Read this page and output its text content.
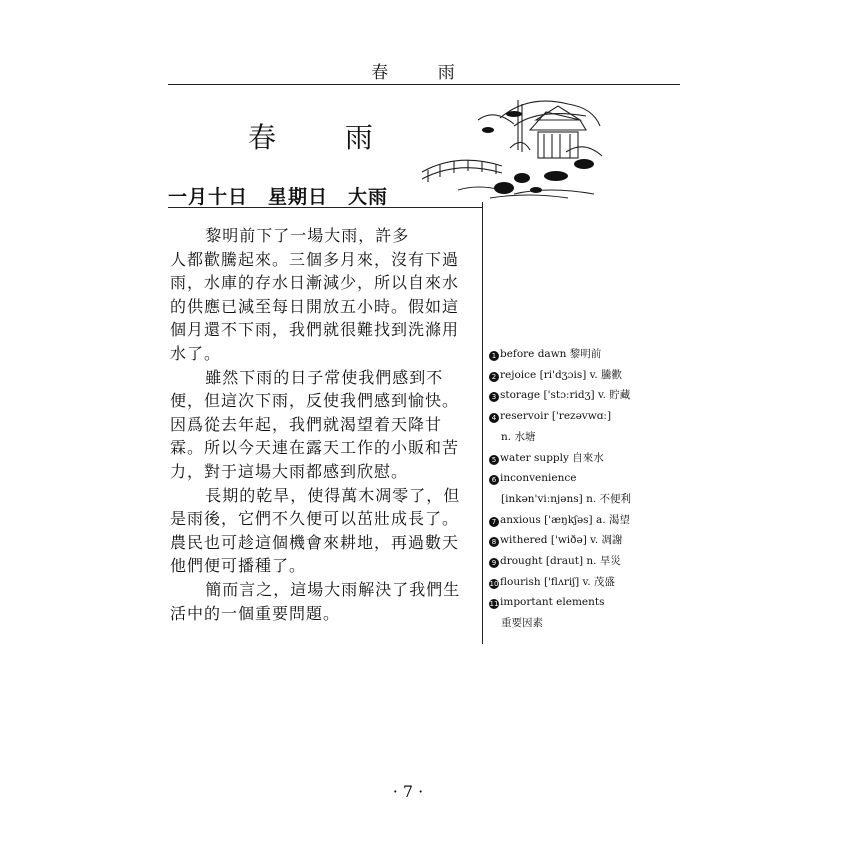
春 雨
春 雨
一月十日　星期日　大雨

黎明前下了一場大雨，許多

人都歡騰起來。三個多月來，沒有下過

雨，水庫的存水日漸減少，所以自來水

的供應已減至每日開放五小時。假如這

個月還不下雨，我們就很難找到洗滌用

水了。

雖然下雨的日子常使我們感到不

便，但這次下雨，反使我們感到愉快。

因爲從去年起，我們就渴望着天降甘

霖。所以今天連在露天工作的小販和苦

力，對于這場大雨都感到欣慰。

長期的乾旱，使得萬木凋零了，但

是雨後，它們不久便可以茁壯成長了。

農民也可趁這個機會來耕地，再過數天

他們便可播種了。

簡而言之，這場大雨解決了我們生

活中的一個重要問題。

1 before dawn 黎明前
2 rejoice [ri'dʒɔis] v. 騰歡
3 storage ['stɔːridʒ] v. 貯藏
4 reservoir ['rezəvwɑː]
n. 水塘
5 water supply 自來水
6 inconvenience
[inkən'viːnjəns] n. 不便利
7 anxious ['æŋkʃəs] a. 渴望
8 withered ['wiðə] v. 凋謝
9 drought [draut] n. 旱災
10 flourish ['flʌriʃ] v. 茂盛
11 important elements
重要因素
· 7 ·
